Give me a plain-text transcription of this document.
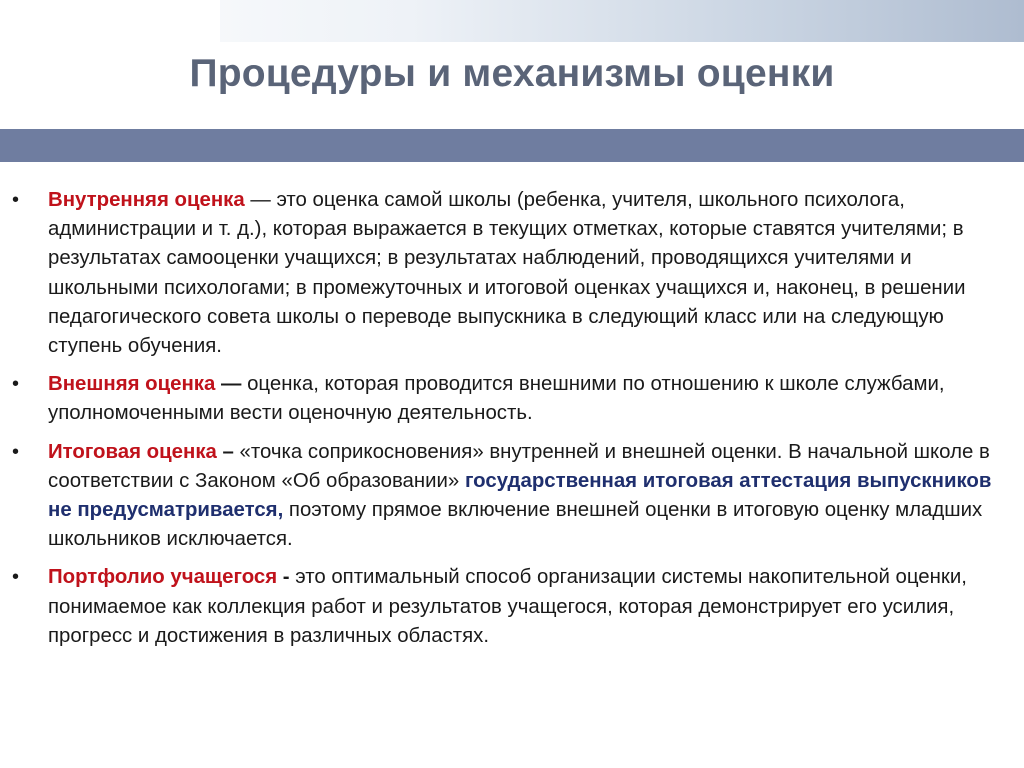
Процедуры и механизмы оценки
• Внутренняя оценка — это оценка самой школы (ребенка, учителя, школьного психолога, администрации и т. д.), которая выражается в текущих отметках, которые ставятся учителями; в результатах самооценки учащихся; в результатах наблюдений, проводящихся учителями и школьными психологами; в промежуточных и итоговой оценках учащихся и, наконец, в решении педагогического совета школы о переводе выпускника в следующий класс или на следующую ступень обучения.
• Внешняя оценка — оценка, которая проводится внешними по отношению к школе службами, уполномоченными вести оценочную деятельность.
• Итоговая оценка – «точка соприкосновения» внутренней и внешней оценки. В начальной школе в соответствии с Законом «Об образовании» государственная итоговая аттестация выпускников не предусматривается, поэтому прямое включение внешней оценки в итоговую оценку младших школьников исключается.
• Портфолио учащегося - это оптимальный способ организации системы накопительной оценки, понимаемое как коллекция работ и результатов учащегося, которая демонстрирует его усилия, прогресс и достижения в различных областях.
